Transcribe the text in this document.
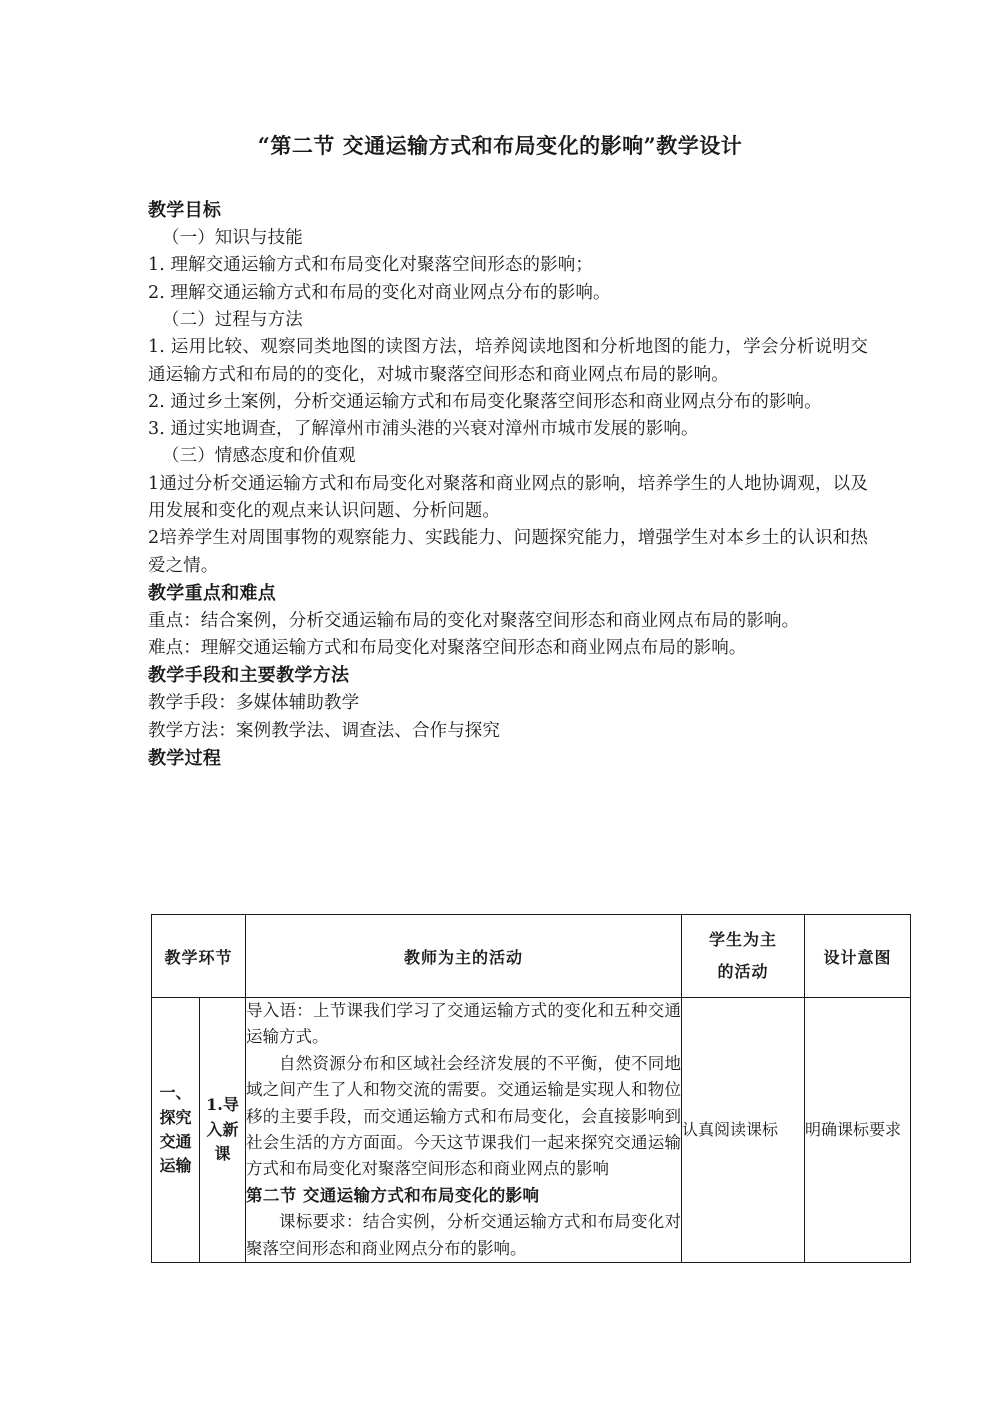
“第二节 交通运输方式和布局变化的影响”教学设计

教学目标

（一）知识与技能

1. 理解交通运输方式和布局变化对聚落空间形态的影响；

2. 理解交通运输方式和布局的变化对商业网点分布的影响。

（二）过程与方法

1. 运用比较、观察同类地图的读图方法，培养阅读地图和分析地图的能力，学会分析说明交通运输方式和布局的的变化，对城市聚落空间形态和商业网点布局的影响。

2. 通过乡土案例，分析交通运输方式和布局变化聚落空间形态和商业网点分布的影响。

3. 通过实地调查，了解漳州市浦头港的兴衰对漳州市城市发展的影响。

（三）情感态度和价值观

1通过分析交通运输方式和布局变化对聚落和商业网点的影响，培养学生的人地协调观，以及用发展和变化的观点来认识问题、分析问题。

2培养学生对周围事物的观察能力、实践能力、问题探究能力，增强学生对本乡土的认识和热爱之情。

教学重点和难点

重点：结合案例，分析交通运输布局的变化对聚落空间形态和商业网点布局的影响。

难点：理解交通运输方式和布局变化对聚落空间形态和商业网点布局的影响。

教学手段和主要教学方法

教学手段：多媒体辅助教学

教学方法：案例教学法、调查法、合作与探究

教学过程

教学环节		教师为主的活动	学生为主
的活动	设计意图
一、探究交通运输	1.导入新课	导入语：上节课我们学习了交通运输方式的变化和五种交通运输方式。

自然资源分布和区域社会经济发展的不平衡，使不同地域之间产生了人和物交流的需要。交通运输是实现人和物位移的主要手段，而交通运输方式和布局变化，会直接影响到社会生活的方方面面。今天这节课我们一起来探究交通运输方式和布局变化对聚落空间形态和商业网点的影响

第二节 交通运输方式和布局变化的影响

课标要求：结合实例，分析交通运输方式和布局变化对聚落空间形态和商业网点分布的影响。	认真阅读课标	明确课标要求
